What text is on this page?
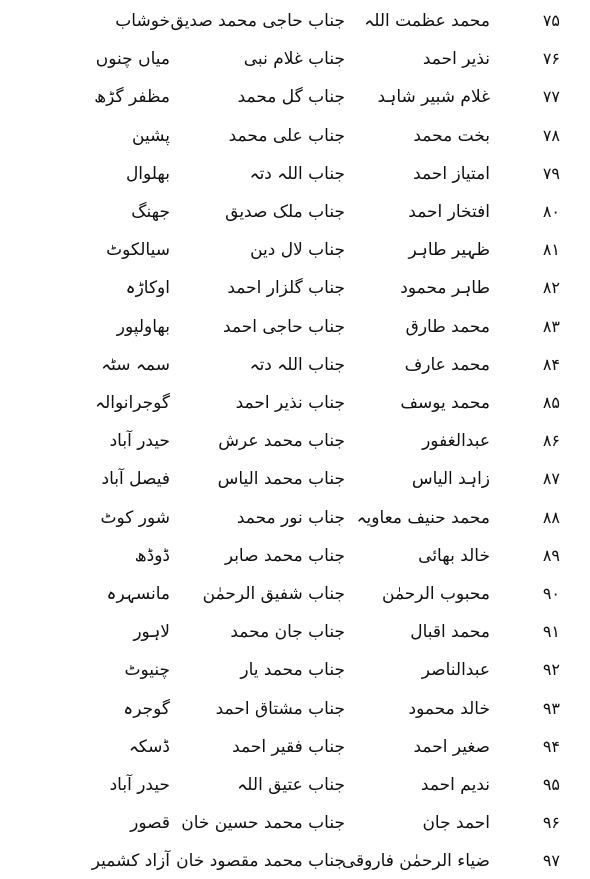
۷۵
محمد عظمت اللہ
جناب حاجی محمد صدیق
خوشاب
۷۶
نذیر احمد
جناب غلام نبی
میاں چنوں
۷۷
غلام شبیر شاہد
جناب گل محمد
مظفر گڑھ
۷۸
بخت محمد
جناب علی محمد
پشین
۷۹
امتیاز احمد
جناب اللہ دتہ
بھلوال
۸۰
افتخار احمد
جناب ملک صدیق
جھنگ
۸۱
ظہیر طاہر
جناب لال دین
سیالکوٹ
۸۲
طاہر محمود
جناب گلزار احمد
اوکاڑہ
۸۳
محمد طارق
جناب حاجی احمد
بھاولپور
۸۴
محمد عارف
جناب اللہ دتہ
سمہ سٹہ
۸۵
محمد یوسف
جناب نذیر احمد
گوجرانوالہ
۸۶
عبدالغفور
جناب محمد عرش
حیدر آباد
۸۷
زاہد الیاس
جناب محمد الیاس
فیصل آباد
۸۸
محمد حنیف معاویہ
جناب نور محمد
شور کوٹ
۸۹
خالد بھائی
جناب محمد صابر
ڈوڈھ
۹۰
محبوب الرحمٰن
جناب شفیق الرحمٰن
مانسہرہ
۹۱
محمد اقبال
جناب جان محمد
لاہور
۹۲
عبدالناصر
جناب محمد یار
چنیوٹ
۹۳
خالد محمود
جناب مشتاق احمد
گوجرہ
۹۴
صغیر احمد
جناب فقیر احمد
ڈسکہ
۹۵
ندیم احمد
جناب عتیق اللہ
حیدر آباد
۹۶
احمد جان
جناب محمد حسین خان
قصور
۹۷
ضیاء الرحمٰن فاروقی
جناب محمد مقصود خان
آزاد کشمیر
